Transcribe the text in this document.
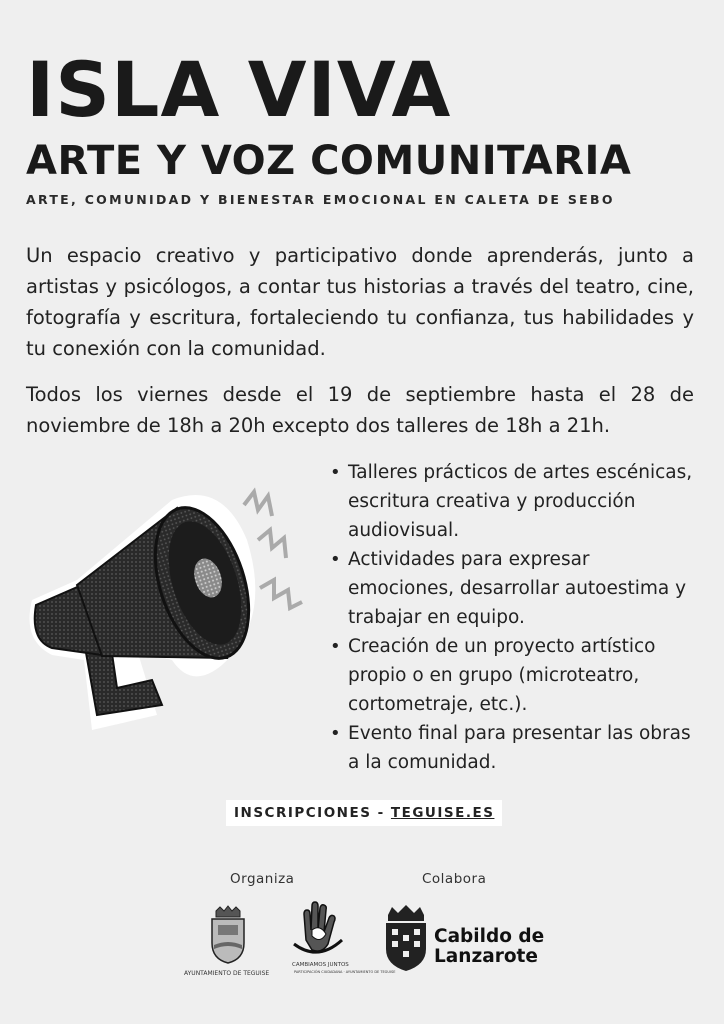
ISLA VIVA
ARTE Y VOZ COMUNITARIA

ARTE, COMUNIDAD Y BIENESTAR EMOCIONAL EN CALETA DE SEBO

Un espacio creativo y participativo donde aprenderás, junto a artistas y psicólogos, a contar tus historias a través del teatro, cine, fotografía y escritura, fortaleciendo tu confianza, tus habilidades y tu conexión con la comunidad.

Todos los viernes desde el 19 de septiembre hasta el 28 de noviembre de 18h a 20h excepto dos talleres de 18h a 21h.

• Talleres prácticos de artes escénicas, escritura creativa y producción audiovisual.
• Actividades para expresar emociones, desarrollar autoestima y trabajar en equipo.
• Creación de un proyecto artístico propio o en grupo (microteatro, cortometraje, etc.).
• Evento final para presentar las obras a la comunidad.
INSCRIPCIONES - TEGUISE.ES
Organiza	Colabora
AYUNTAMIENTO DE TEGUISE
CAMBIAMOS JUNTOS
PARTICIPACIÓN CIUDADANA · AYUNTAMIENTO DE TEGUISE
Cabildo de
Lanzarote
